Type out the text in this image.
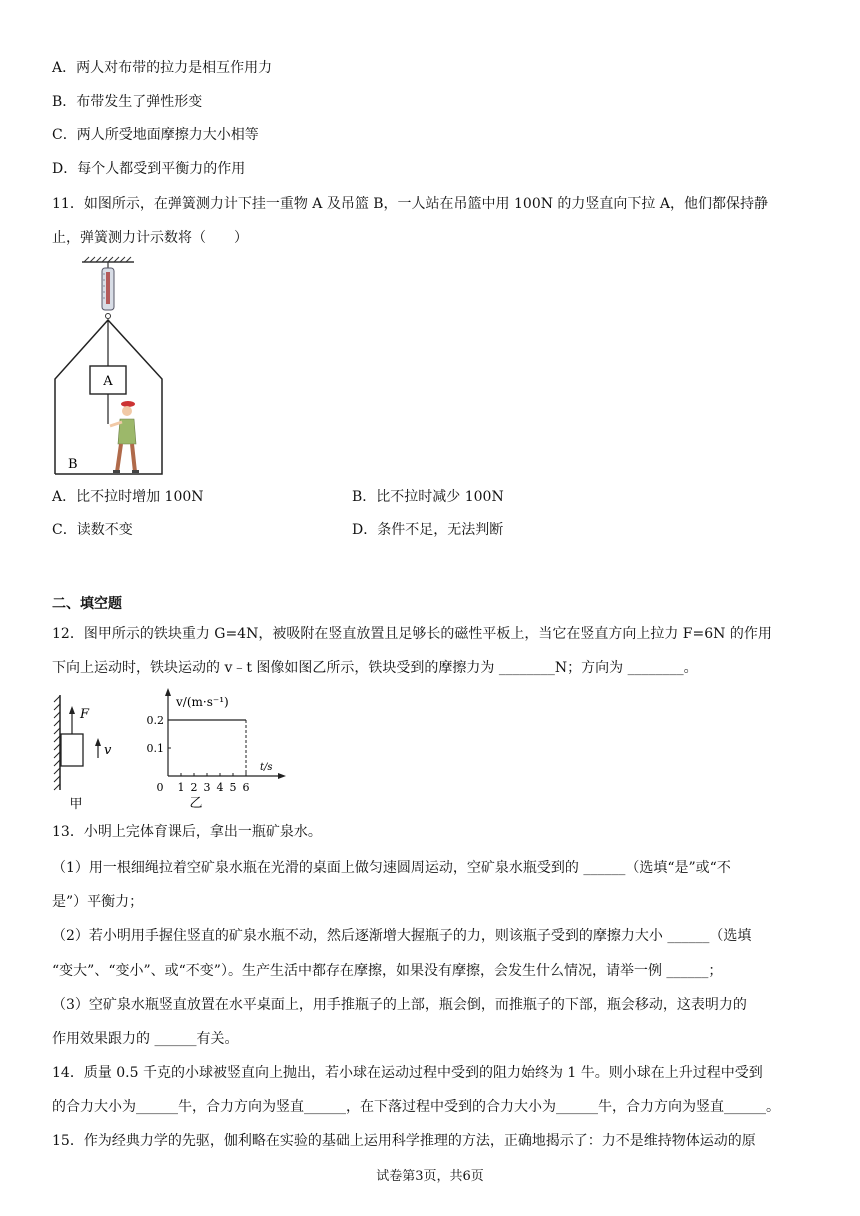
A．两人对布带的拉力是相互作用力
B．布带发生了弹性形变
C．两人所受地面摩擦力大小相等
D．每个人都受到平衡力的作用
11．如图所示，在弹簧测力计下挂一重物 A 及吊篮 B，一人站在吊篮中用 100N 的力竖直向下拉 A，他们都保持静
止，弹簧测力计示数将（　　）
A
B
A．比不拉时增加 100N	B．比不拉时减少 100N
C．读数不变	D．条件不足，无法判断
二、填空题
12．图甲所示的铁块重力 G=4N，被吸附在竖直放置且足够长的磁性平板上，当它在竖直方向上拉力 F=6N 的作用
下向上运动时，铁块运动的 v﹣t 图像如图乙所示，铁块受到的摩擦力为 ________N；方向为 ________。
F
v
甲
v/(m·s⁻¹)
t/s
0 1 2 3 4 5 6
0.1
0.2
乙
13．小明上完体育课后，拿出一瓶矿泉水。
（1）用一根细绳拉着空矿泉水瓶在光滑的桌面上做匀速圆周运动，空矿泉水瓶受到的 ______（选填“是”或“不
是”）平衡力；
（2）若小明用手握住竖直的矿泉水瓶不动，然后逐渐增大握瓶子的力，则该瓶子受到的摩擦力大小 ______（选填
“变大”、“变小”、或“不变”）。生产生活中都存在摩擦，如果没有摩擦，会发生什么情况，请举一例 ______；
（3）空矿泉水瓶竖直放置在水平桌面上，用手推瓶子的上部，瓶会倒，而推瓶子的下部，瓶会移动，这表明力的
作用效果跟力的 ______有关。
14．质量 0.5 千克的小球被竖直向上抛出，若小球在运动过程中受到的阻力始终为 1 牛。则小球在上升过程中受到
的合力大小为______牛，合力方向为竖直______，在下落过程中受到的合力大小为______牛，合力方向为竖直______。
15．作为经典力学的先驱，伽利略在实验的基础上运用科学推理的方法，正确地揭示了：力不是维持物体运动的原
试卷第3页，共6页
